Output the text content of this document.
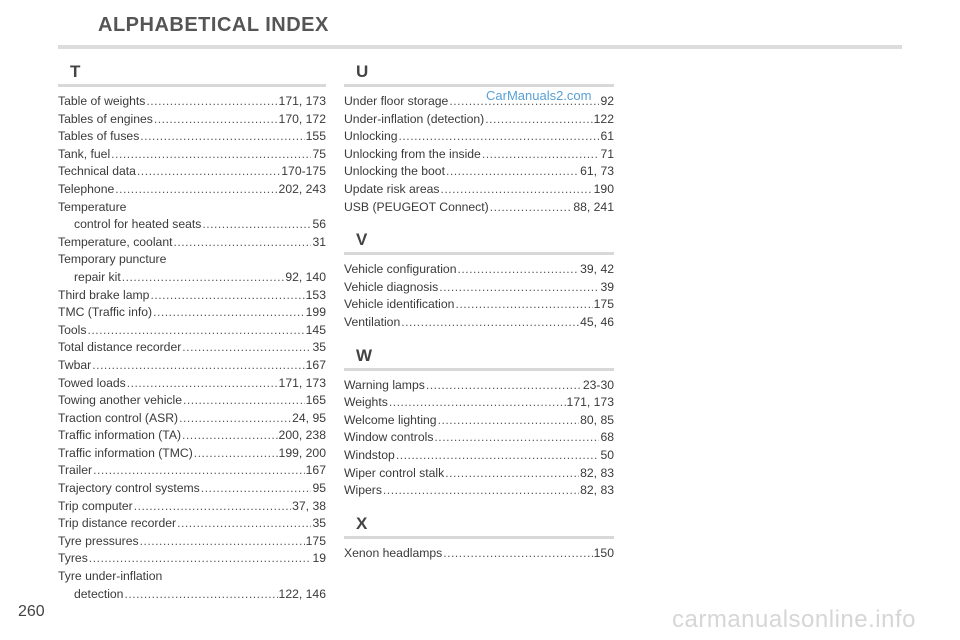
ALPHABETICAL INDEX
T
Table of weights .....	171, 173
Tables of engines .....	170, 172
Tables of fuses .....	155
Tank, fuel .....	75
Technical data .....	170-175
Telephone .....	202, 243
Temperature
control for heated seats .....	56
Temperature, coolant .....	31
Temporary puncture
repair kit .....	92, 140
Third brake lamp .....	153
TMC (Traffic info) .....	199
Tools .....	145
Total distance recorder .....	35
Twbar .....	167
Towed loads .....	171, 173
Towing another vehicle .....	165
Traction control (ASR) .....	24, 95
Traffic information (TA) .....	200, 238
Traffic information (TMC) .....	199, 200
Trailer .....	167
Trajectory control systems .....	95
Trip computer .....	37, 38
Trip distance recorder .....	35
Tyre pressures .....	175
Tyres .....	19
Tyre under-inflation
detection .....	122, 146
U
Under floor storage .....	92
Under-inflation (detection) .....	122
Unlocking .....	61
Unlocking from the inside .....	71
Unlocking the boot .....	61, 73
Update risk areas .....	190
USB (PEUGEOT Connect) .....	88, 241
V
Vehicle configuration .....	39, 42
Vehicle diagnosis .....	39
Vehicle identification .....	175
Ventilation .....	45, 46
W
Warning lamps .....	23-30
Weights .....	171, 173
Welcome lighting .....	80, 85
Window controls .....	68
Windstop .....	50
Wiper control stalk .....	82, 83
Wipers .....	82, 83
X
Xenon headlamps .....	150
CarManuals2.com
260	carmanualsonline.info
